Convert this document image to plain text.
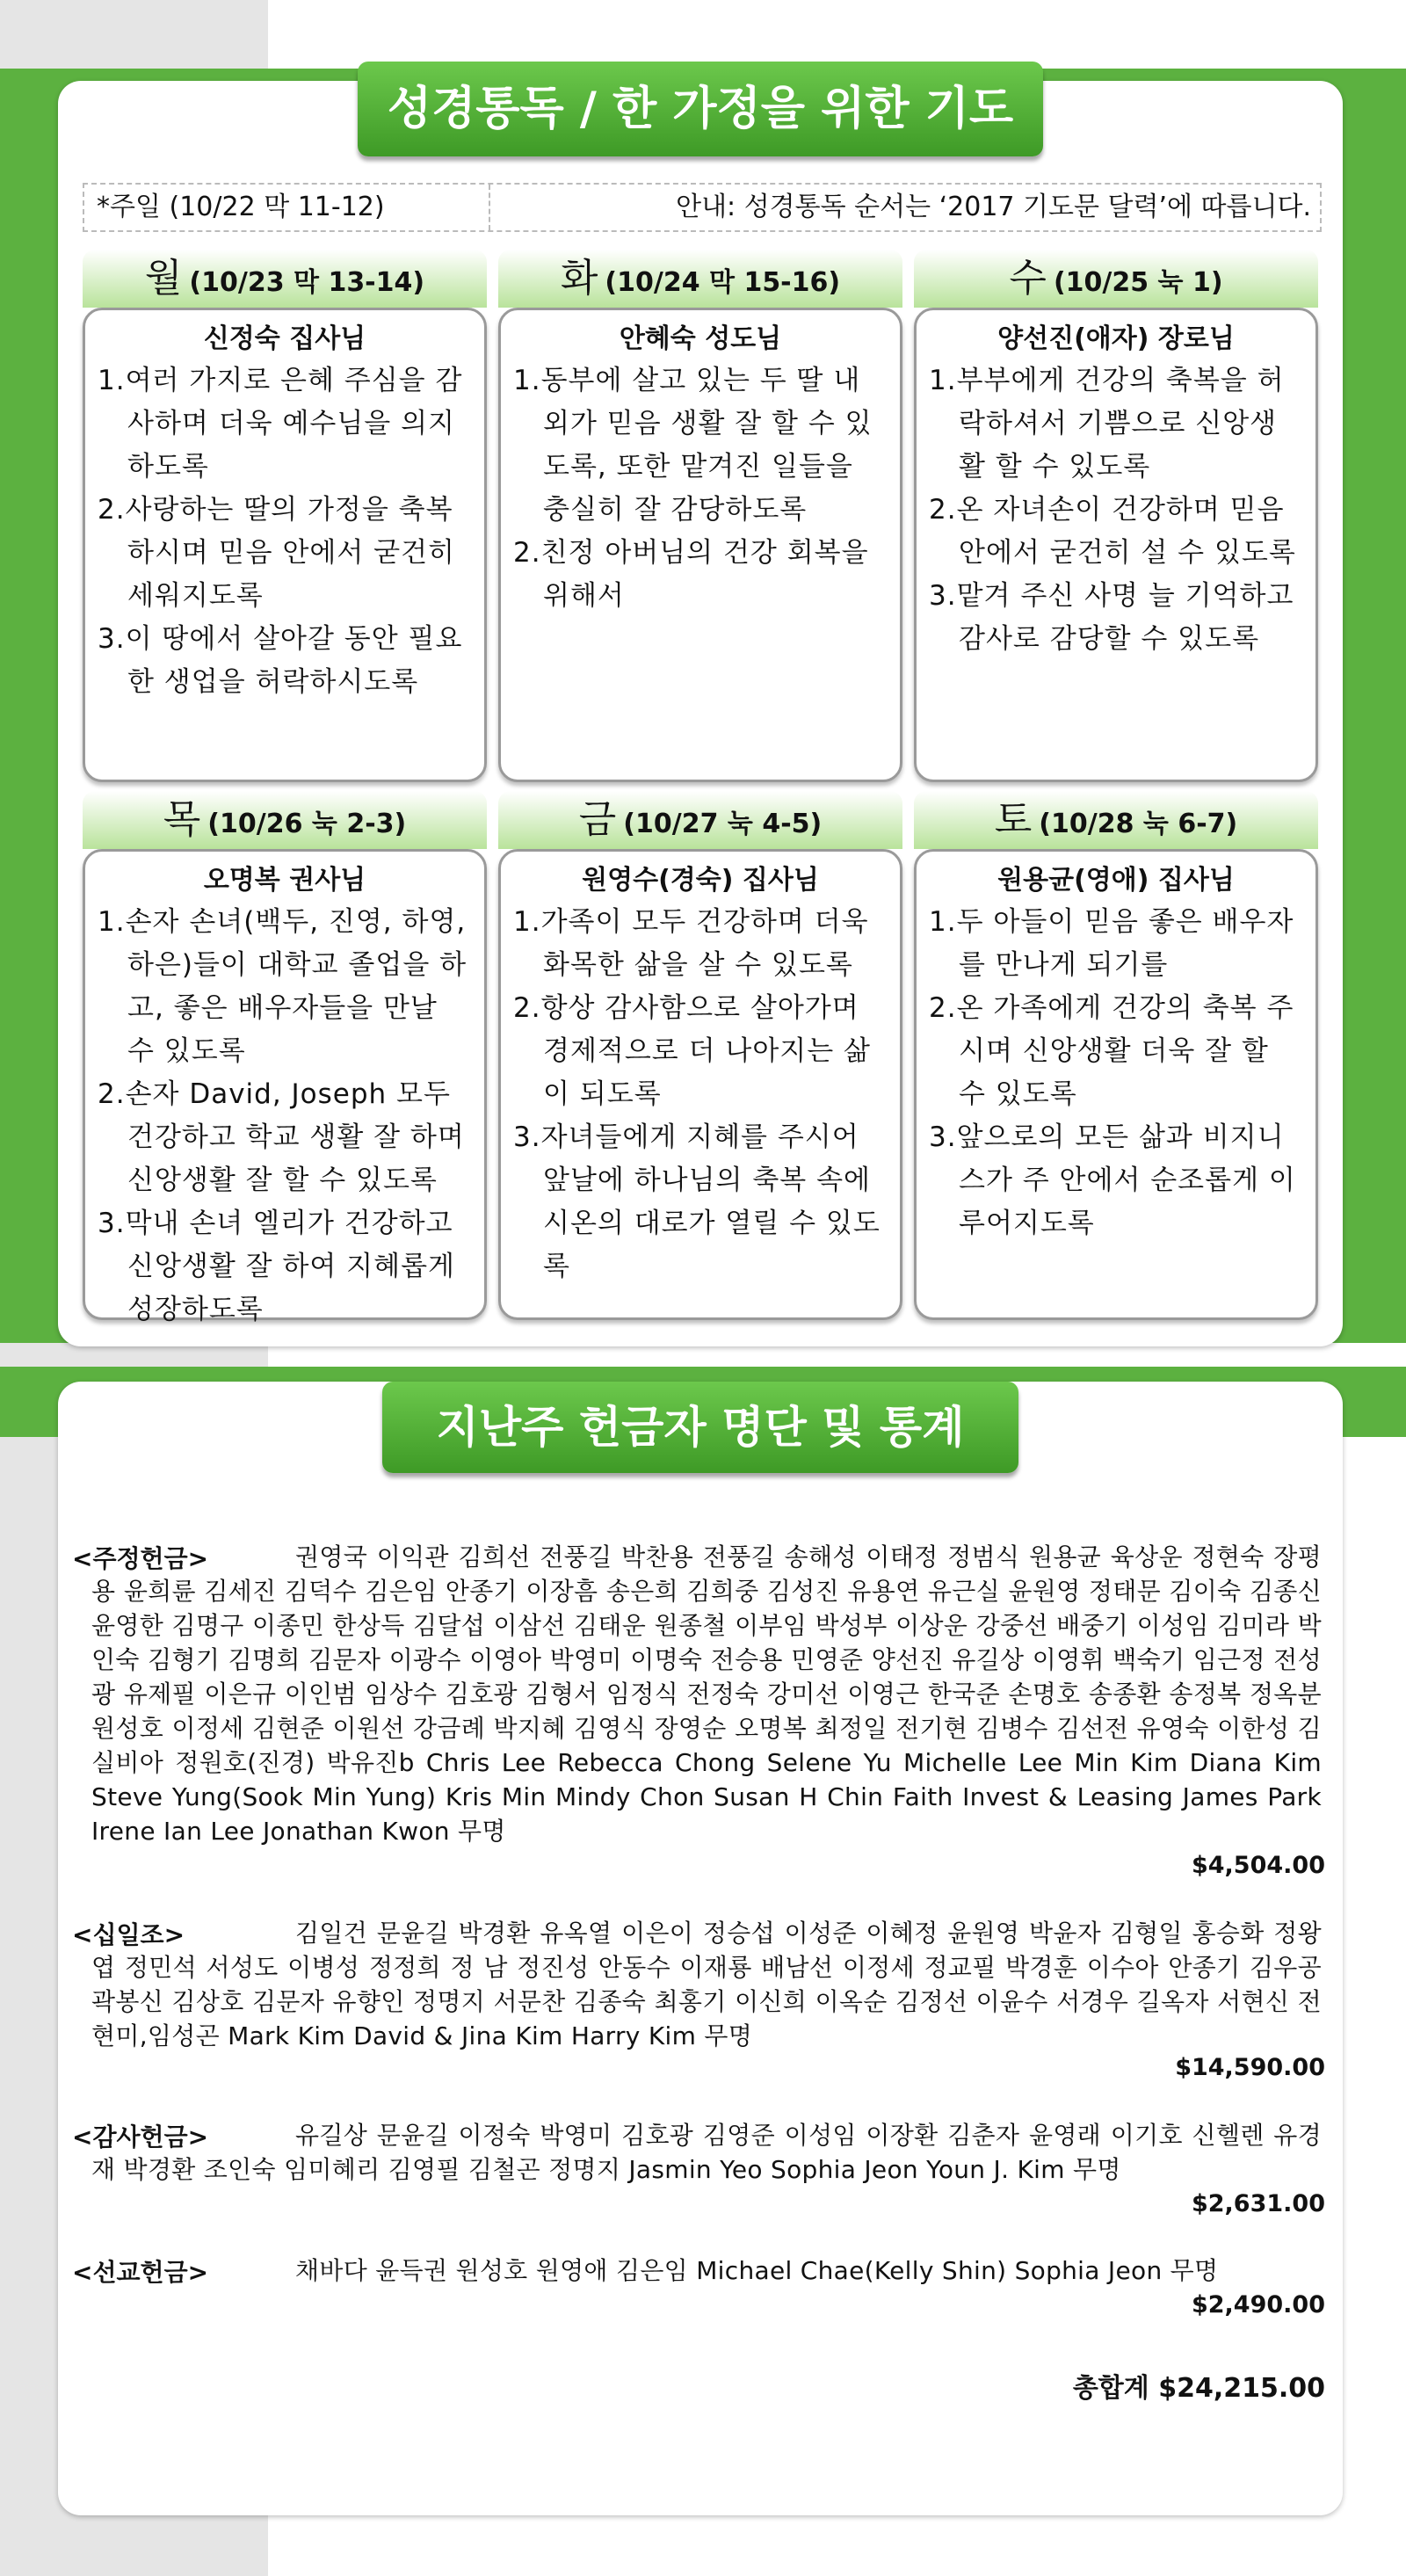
성경통독 / 한 가정을 위한 기도
*주일 (10/22 막 11-12)	안내: 성경통독 순서는 ‘2017 기도문 달력’에 따릅니다.
월 (10/23 막 13-14)
신정숙 집사님
1.여러 가지로 은혜 주심을 감사하며 더욱 예수님을 의지하도록
2.사랑하는 딸의 가정을 축복하시며 믿음 안에서 굳건히 세워지도록
3.이 땅에서 살아갈 동안 필요한 생업을 허락하시도록
화 (10/24 막 15-16)
안혜숙 성도님
1.동부에 살고 있는 두 딸 내외가 믿음 생활 잘 할 수 있도록, 또한 맡겨진 일들을 충실히 잘 감당하도록
2.친정 아버님의 건강 회복을 위해서
수 (10/25 눅 1)
양선진(애자) 장로님
1.부부에게 건강의 축복을 허락하셔서 기쁨으로 신앙생활 할 수 있도록
2.온 자녀손이 건강하며 믿음 안에서 굳건히 설 수 있도록
3.맡겨 주신 사명 늘 기억하고 감사로 감당할 수 있도록
목 (10/26 눅 2-3)
오명복 권사님
1.손자 손녀(백두, 진영, 하영, 하은)들이 대학교 졸업을 하고, 좋은 배우자들을 만날 수 있도록
2.손자 David, Joseph 모두 건강하고 학교 생활 잘 하며 신앙생활 잘 할 수 있도록
3.막내 손녀 엘리가 건강하고 신앙생활 잘 하여 지혜롭게 성장하도록
금 (10/27 눅 4-5)
원영수(경숙) 집사님
1.가족이 모두 건강하며 더욱 화목한 삶을 살 수 있도록
2.항상 감사함으로 살아가며 경제적으로 더 나아지는 삶이 되도록
3.자녀들에게 지혜를 주시어 앞날에 하나님의 축복 속에 시온의 대로가 열릴 수 있도록
토 (10/28 눅 6-7)
원용균(영애) 집사님
1.두 아들이 믿음 좋은 배우자를 만나게 되기를
2.온 가족에게 건강의 축복 주시며 신앙생활 더욱 잘 할 수 있도록
3.앞으로의 모든 삶과 비지니스가 주 안에서 순조롭게 이루어지도록
지난주 헌금자 명단 및 통계
<주정헌금>	권영국 이익관 김희선 전풍길 박찬용 전풍길 송해성 이태정 정범식 원용균 육상운 정현숙 장평용 윤희륜 김세진 김덕수 김은임 안종기 이장흠 송은희 김희중 김성진 유용연 유근실 윤원영 정태문 김이숙 김종신 윤영한 김명구 이종민 한상득 김달섭 이삼선 김태운 원종철 이부임 박성부 이상운 강중선 배중기 이성임 김미라 박인숙 김형기 김명희 김문자 이광수 이영아 박영미 이명숙 전승용 민영준 양선진 유길상 이영휘 백숙기 임근정 전성광 유제필 이은규 이인범 임상수 김호광 김형서 임정식 전정숙 강미선 이영근 한국준 손명호 송종환 송정복 정옥분 원성호 이정세 김현준 이원선 강금례 박지혜 김영식 장영순 오명복 최정일 전기현 김병수 김선전 유영숙 이한성 김실비아 정원호(진경) 박유진b Chris Lee Rebecca Chong Selene Yu Michelle Lee Min Kim Diana Kim Steve Yung(Sook Min Yung) Kris Min Mindy Chon Susan H Chin Faith Invest & Leasing James Park Irene Ian Lee Jonathan Kwon 무명
$4,504.00
<십일조>	김일건 문윤길 박경환 유옥열 이은이 정승섭 이성준 이혜정 윤원영 박윤자 김형일 홍승화 정왕엽 정민석 서성도 이병성 정정희 정 남 정진성 안동수 이재룡 배남선 이정세 정교필 박경훈 이수아 안종기 김우공 곽봉신 김상호 김문자 유향인 정명지 서문찬 김종숙 최홍기 이신희 이옥순 김정선 이윤수 서경우 길옥자 서현신 전현미,임성곤 Mark Kim David & Jina Kim Harry Kim 무명
$14,590.00
<감사헌금>	유길상 문윤길 이정숙 박영미 김호광 김영준 이성임 이장환 김춘자 윤영래 이기호 신헬렌 유경재 박경환 조인숙 임미혜리 김영필 김철곤 정명지 Jasmin Yeo Sophia Jeon Youn J. Kim 무명
$2,631.00
<선교헌금>	채바다 윤득권 원성호 원영애 김은임 Michael Chae(Kelly Shin) Sophia Jeon 무명
$2,490.00
총합계 $24,215.00
